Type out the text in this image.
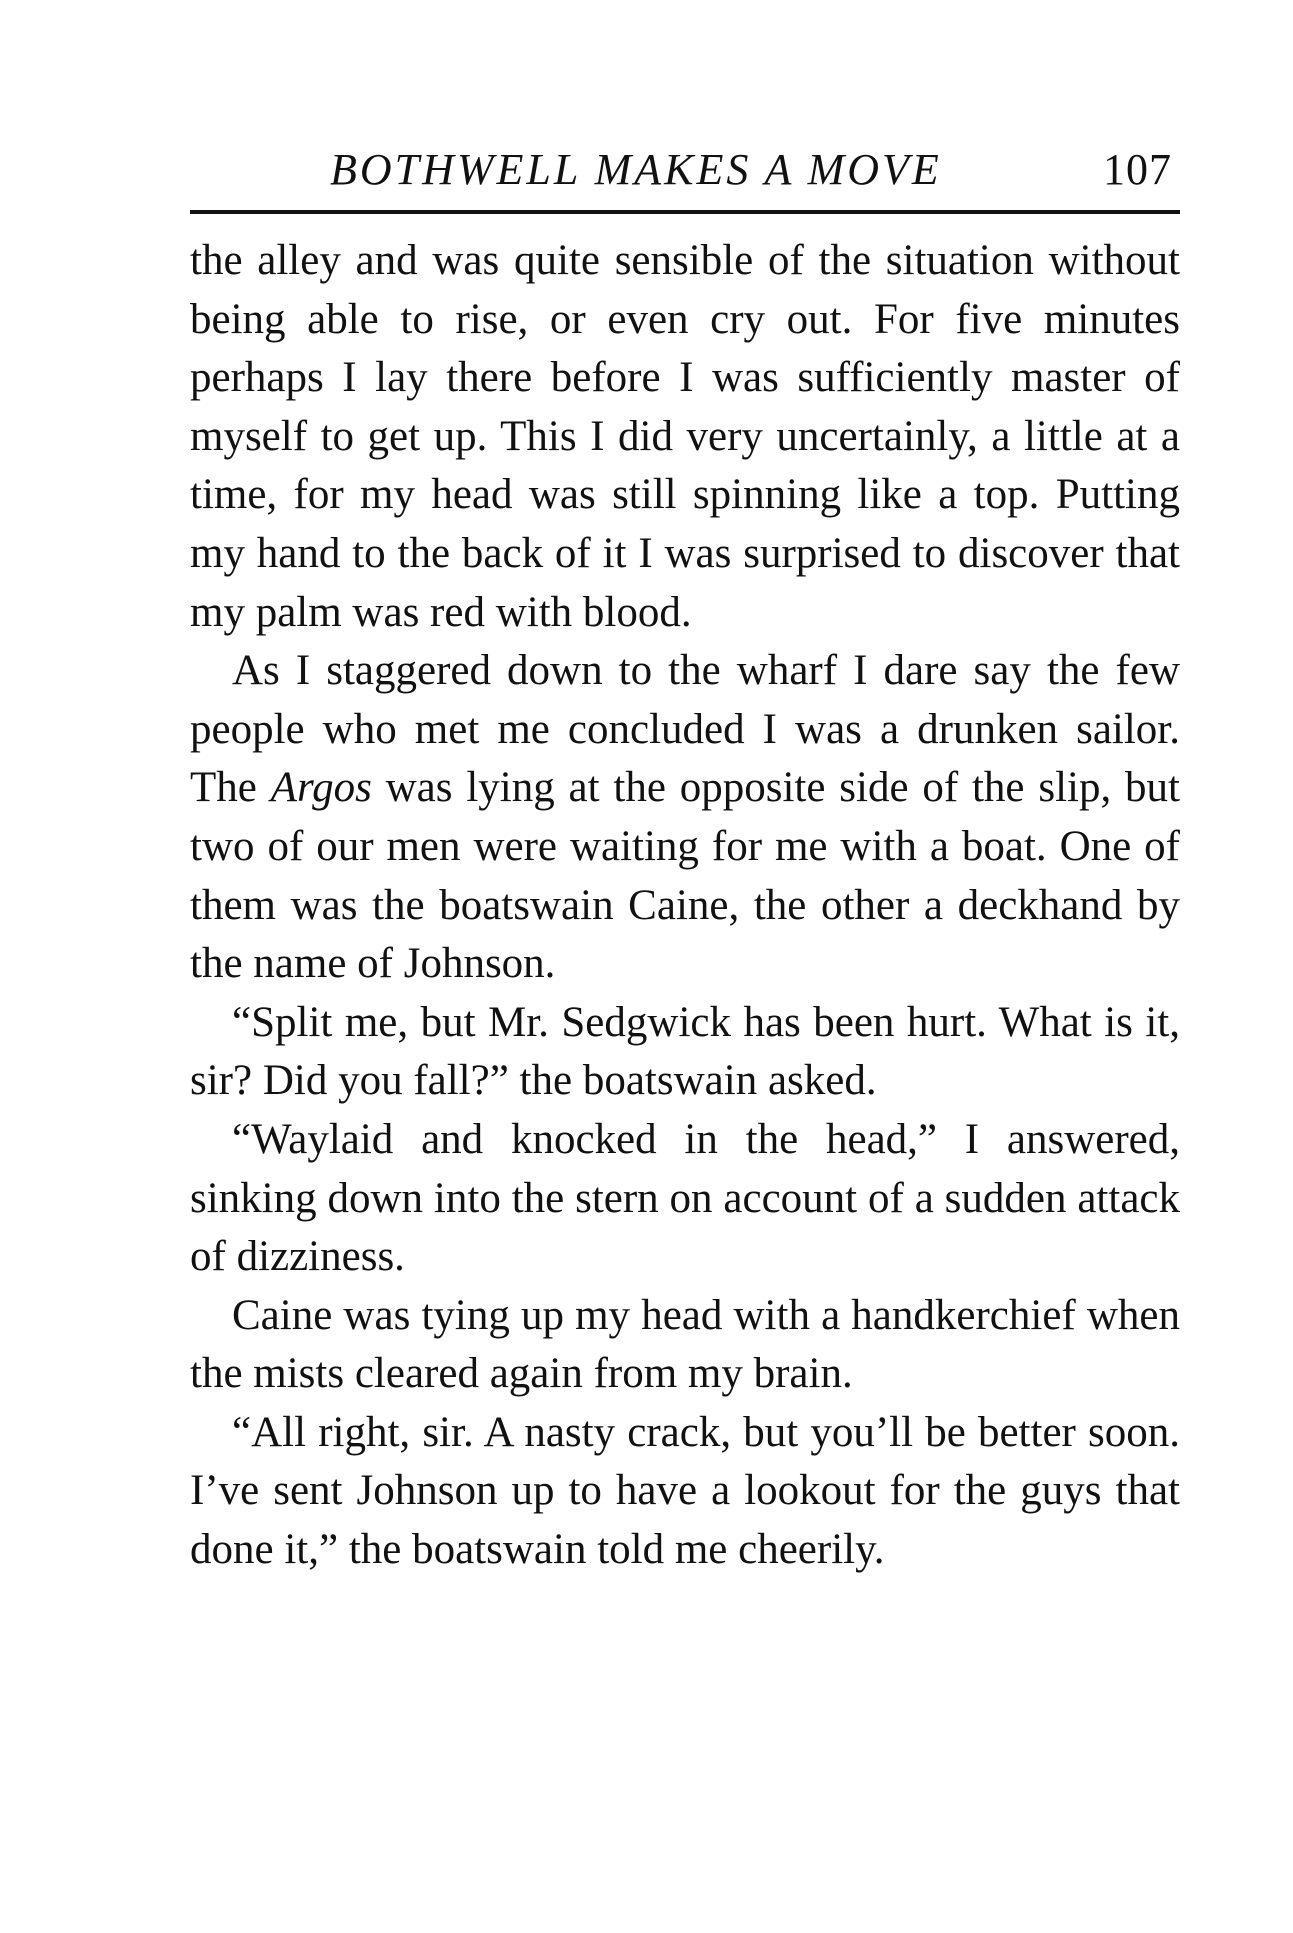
BOTHWELL MAKES A MOVE	107

the alley and was quite sensible of the situation without being able to rise, or even cry out. For five minutes perhaps I lay there before I was sufficiently master of myself to get up. This I did very uncertainly, a little at a time, for my head was still spinning like a top. Putting my hand to the back of it I was surprised to discover that my palm was red with blood.

As I staggered down to the wharf I dare say the few people who met me concluded I was a drunken sailor. The Argos was lying at the opposite side of the slip, but two of our men were waiting for me with a boat. One of them was the boatswain Caine, the other a deckhand by the name of Johnson.

“Split me, but Mr. Sedgwick has been hurt. What is it, sir? Did you fall?” the boatswain asked.

“Waylaid and knocked in the head,” I answered, sinking down into the stern on account of a sudden attack of dizziness.

Caine was tying up my head with a handkerchief when the mists cleared again from my brain.

“All right, sir. A nasty crack, but you’ll be better soon. I’ve sent Johnson up to have a lookout for the guys that done it,” the boatswain told me cheerily.
